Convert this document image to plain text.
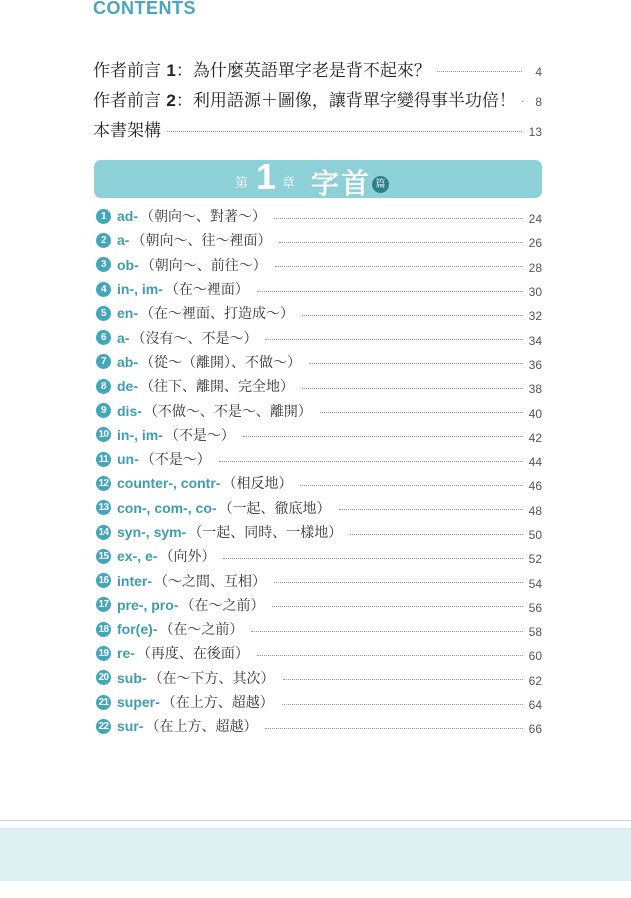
CONTENTS
作者前言 1：為什麼英語單字老是背不起來？	4
作者前言 2：利用語源＋圖像，讓背單字變得事半功倍！	8
本書架構	13
第 1 章 字首 篇
1 ad- （朝向～、對著～）	24
2 a- （朝向～、往～裡面）	26
3 ob- （朝向～、前往～）	28
4 in-, im- （在～裡面）	30
5 en- （在～裡面、打造成～）	32
6 a- （沒有～、不是～）	34
7 ab- （從～（離開）、不做～）	36
8 de- （往下、離開、完全地）	38
9 dis- （不做～、不是～、離開）	40
10 in-, im- （不是～）	42
11 un- （不是～）	44
12 counter-, contr- （相反地）	46
13 con-, com-, co- （一起、徹底地）	48
14 syn-, sym- （一起、同時、一樣地）	50
15 ex-, e- （向外）	52
16 inter- （～之間、互相）	54
17 pre-, pro- （在～之前）	56
18 for(e)- （在～之前）	58
19 re- （再度、在後面）	60
20 sub- （在～下方、其次）	62
21 super- （在上方、超越）	64
22 sur- （在上方、超越）	66
